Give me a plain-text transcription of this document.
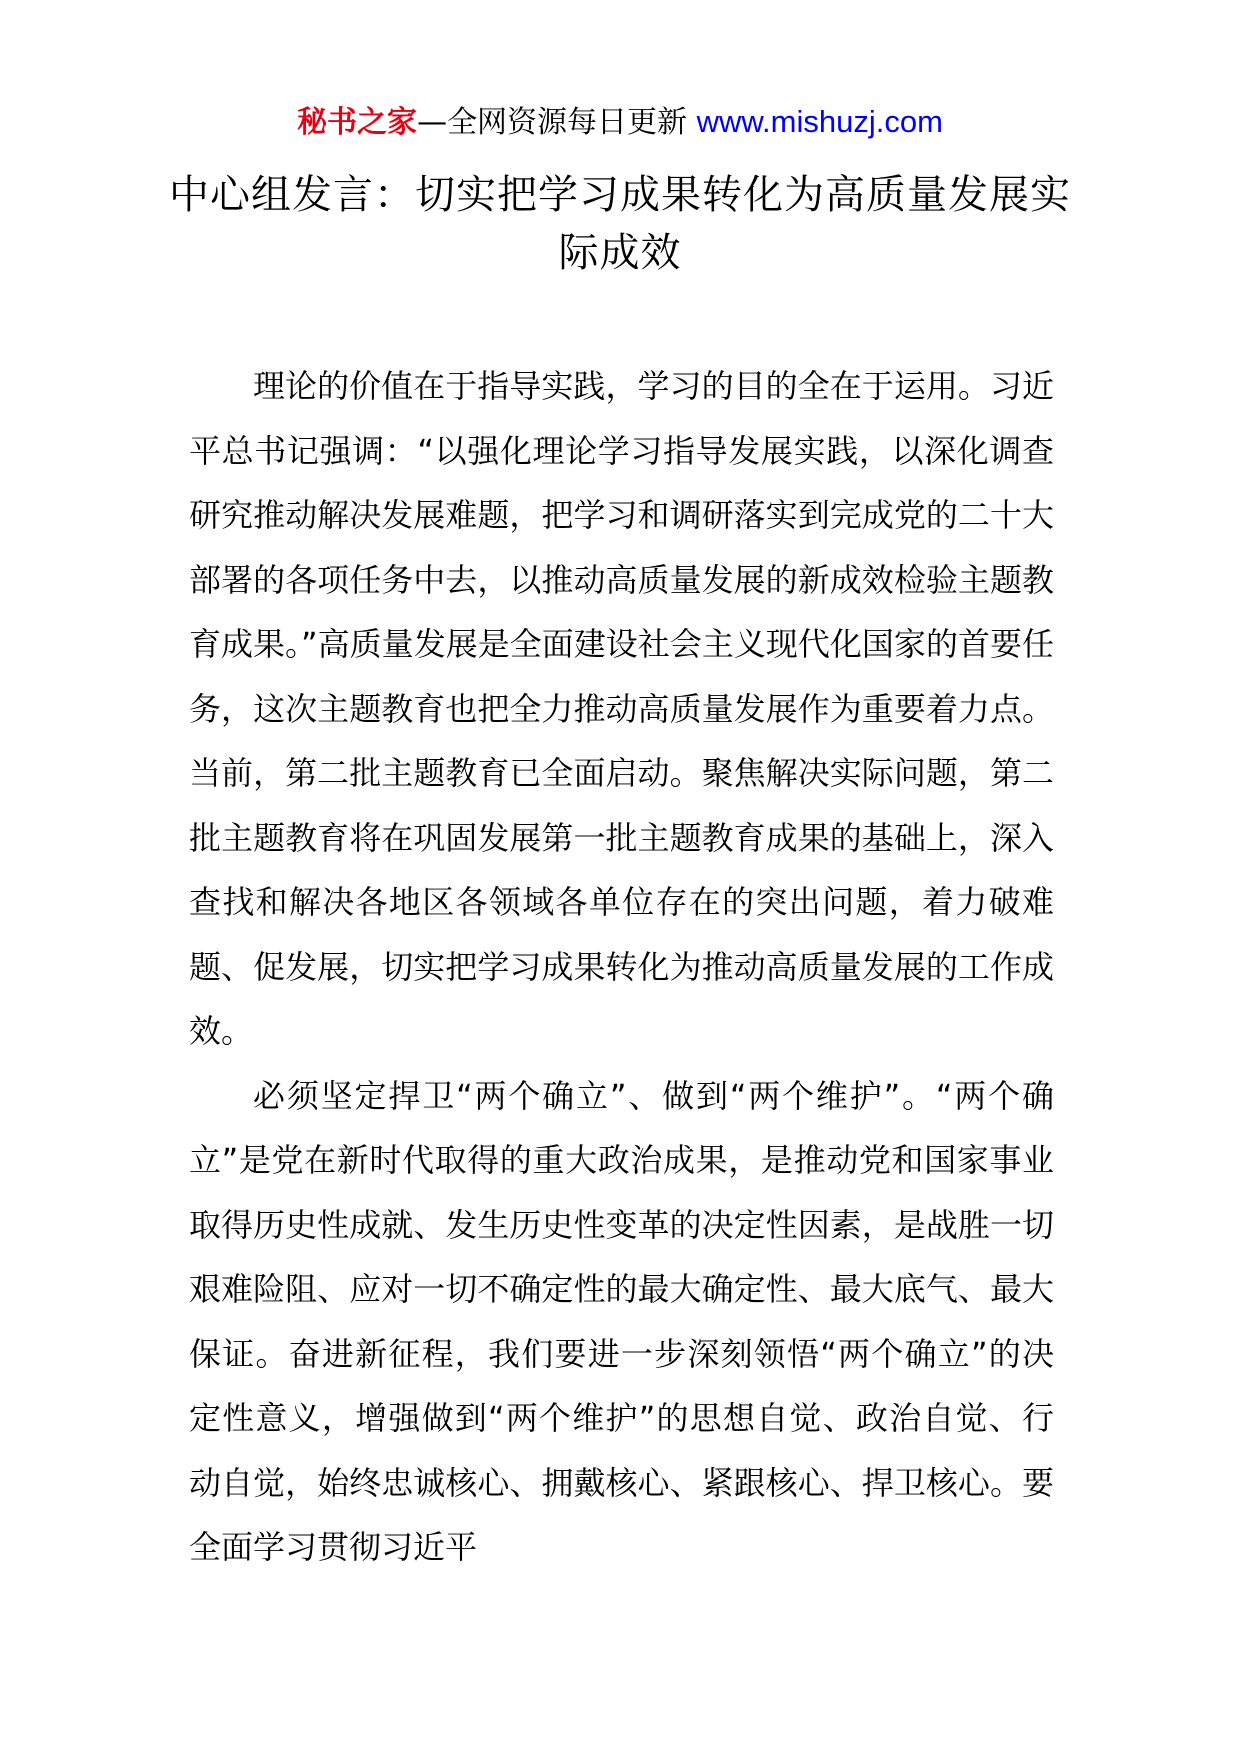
秘书之家—全网资源每日更新 www.mishuzj.com
中心组发言：切实把学习成果转化为高质量发展实际成效

理论的价值在于指导实践，学习的目的全在于运用。习近平总书记强调：“以强化理论学习指导发展实践，以深化调查研究推动解决发展难题，把学习和调研落实到完成党的二十大部署的各项任务中去，以推动高质量发展的新成效检验主题教育成果。”高质量发展是全面建设社会主义现代化国家的首要任务，这次主题教育也把全力推动高质量发展作为重要着力点。当前，第二批主题教育已全面启动。聚焦解决实际问题，第二批主题教育将在巩固发展第一批主题教育成果的基础上，深入查找和解决各地区各领域各单位存在的突出问题，着力破难题、促发展，切实把学习成果转化为推动高质量发展的工作成效。

必须坚定捍卫“两个确立”、做到“两个维护”。“两个确立”是党在新时代取得的重大政治成果，是推动党和国家事业取得历史性成就、发生历史性变革的决定性因素，是战胜一切艰难险阻、应对一切不确定性的最大确定性、最大底气、最大保证。奋进新征程，我们要进一步深刻领悟“两个确立”的决定性意义，增强做到“两个维护”的思想自觉、政治自觉、行动自觉，始终忠诚核心、拥戴核心、紧跟核心、捍卫核心。要全面学习贯彻习近平
